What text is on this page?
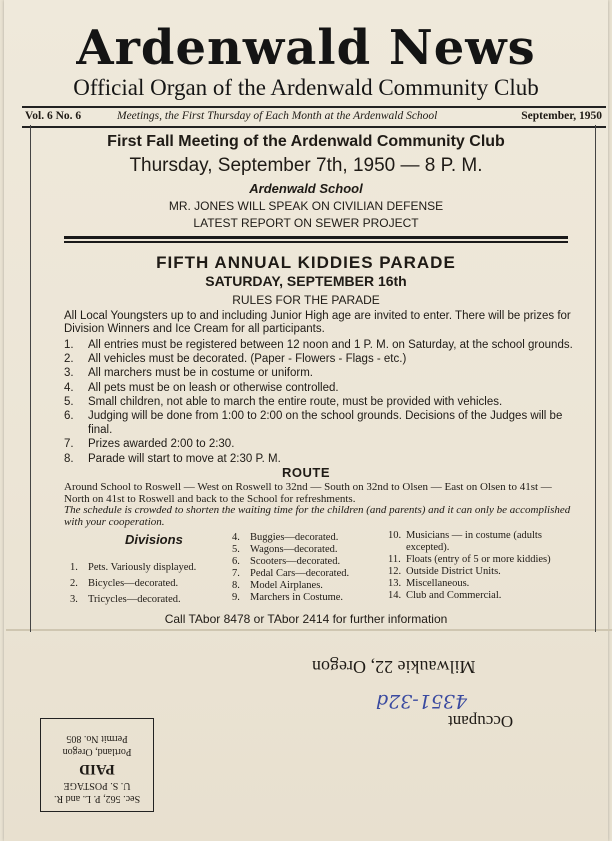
Ardenwald News
Official Organ of the Ardenwald Community Club
Vol. 6 No. 6	Meetings, the First Thursday of Each Month at the Ardenwald School	September, 1950
First Fall Meeting of the Ardenwald Community Club
Thursday, September 7th, 1950 — 8 P. M.
Ardenwald School
MR. JONES WILL SPEAK ON CIVILIAN DEFENSE
LATEST REPORT ON SEWER PROJECT
FIFTH ANNUAL KIDDIES PARADE
SATURDAY, SEPTEMBER 16th
RULES FOR THE PARADE
All Local Youngsters up to and including Junior High age are invited to enter. There will be prizes for Division Winners and Ice Cream for all participants.
1. All entries must be registered between 12 noon and 1 P. M. on Saturday, at the school grounds.
2. All vehicles must be decorated. (Paper - Flowers - Flags - etc.)
3. All marchers must be in costume or uniform.
4. All pets must be on leash or otherwise controlled.
5. Small children, not able to march the entire route, must be provided with vehicles.
6. Judging will be done from 1:00 to 2:00 on the school grounds. Decisions of the Judges will be final.
7. Prizes awarded 2:00 to 2:30.
8. Parade will start to move at 2:30 P. M.
ROUTE
Around School to Roswell — West on Roswell to 32nd — South on 32nd to Olsen — East on Olsen to 41st — North on 41st to Roswell and back to the School for refreshments.
The schedule is crowded to shorten the waiting time for the children (and parents) and it can only be accomplished with your cooperation.
Divisions
1. Pets. Variously displayed.
2. Bicycles—decorated.
3. Tricycles—decorated.
4. Buggies—decorated.
5. Wagons—decorated.
6. Scooters—decorated.
7. Pedal Cars—decorated.
8. Model Airplanes.
9. Marchers in Costume.
10. Musicians — in costume (adults excepted).
11. Floats (entry of 5 or more kiddies)
12. Outside District Units.
13. Miscellaneous.
14. Club and Commercial.
Call TAbor 8478 or TAbor 2414 for further information
Milwaukie 22, Oregon
4351-32d
Occupant
Sec. 562, P. L. and R.
U. S. POSTAGE
PAID
Portland, Oregon
Permit No. 805
